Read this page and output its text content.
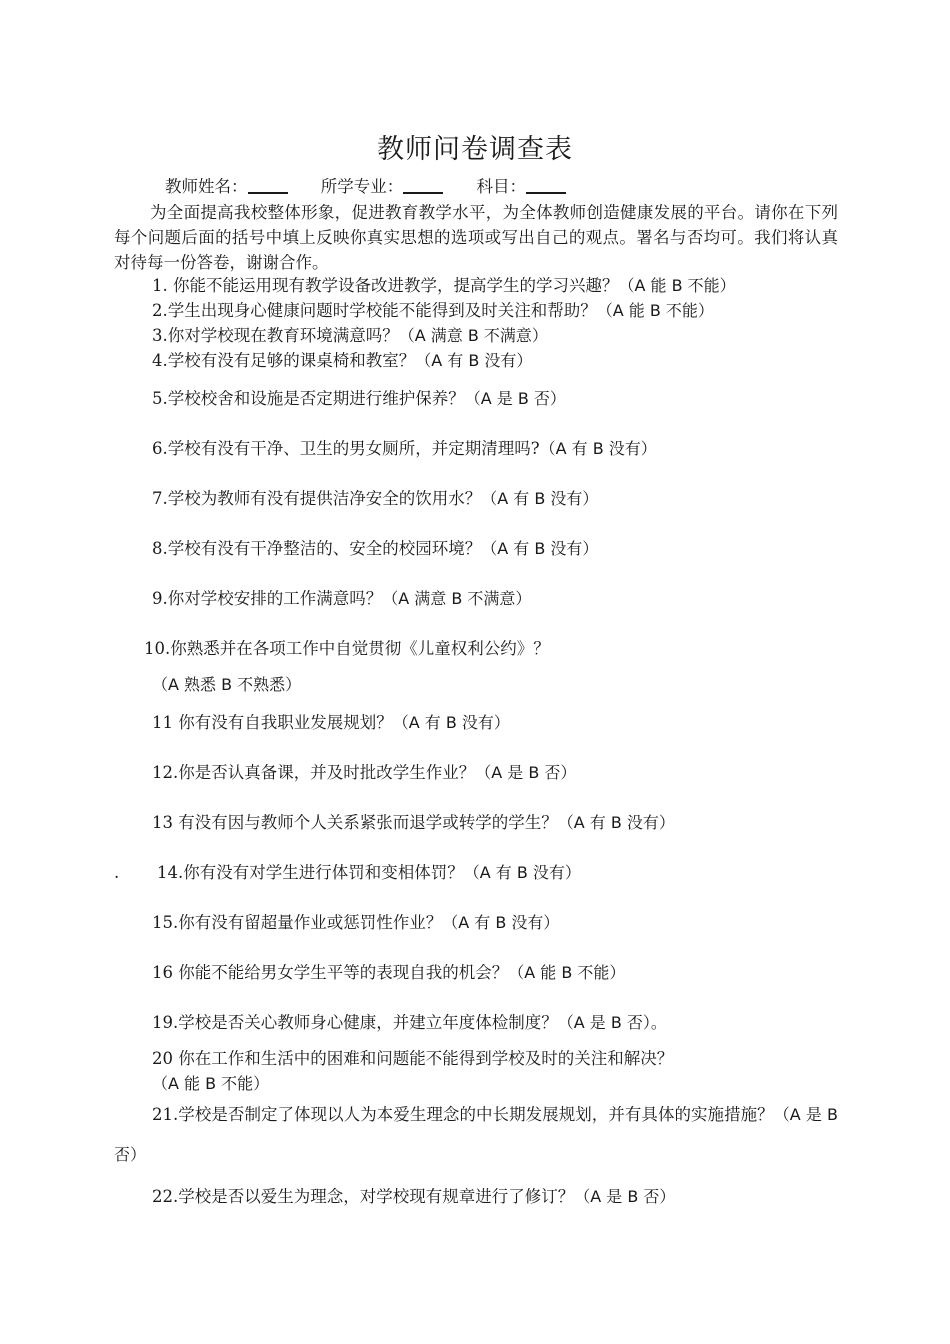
教师问卷调查表
教师姓名：	所学专业：	科目：
为全面提高我校整体形象，促进教育教学水平，为全体教师创造健康发展的平台。请你在下列每个问题后面的括号中填上反映你真实思想的选项或写出自己的观点。署名与否均可。我们将认真对待每一份答卷，谢谢合作。
1. 你能不能运用现有教学设备改进教学，提高学生的学习兴趣？（A 能 B 不能）
2.学生出现身心健康问题时学校能不能得到及时关注和帮助？（A 能 B 不能）
3.你对学校现在教育环境满意吗？（A 满意 B 不满意）
4.学校有没有足够的课桌椅和教室？（A 有 B 没有）
5.学校校舍和设施是否定期进行维护保养？（A 是 B 否）
6.学校有没有干净、卫生的男女厕所，并定期清理吗?（A 有 B 没有）
7.学校为教师有没有提供洁净安全的饮用水？（A 有 B 没有）
8.学校有没有干净整洁的、安全的校园环境？（A 有 B 没有）
9.你对学校安排的工作满意吗？（A 满意 B 不满意）
10.你熟悉并在各项工作中自觉贯彻《儿童权利公约》？
（A 熟悉 B 不熟悉）
11 你有没有自我职业发展规划？（A 有 B 没有）
12.你是否认真备课，并及时批改学生作业？（A 是 B 否）
13 有没有因与教师个人关系紧张而退学或转学的学生？（A 有 B 没有）
. 14.你有没有对学生进行体罚和变相体罚？（A 有 B 没有）
15.你有没有留超量作业或惩罚性作业？（A 有 B 没有）
16 你能不能给男女学生平等的表现自我的机会？（A 能 B 不能）
19.学校是否关心教师身心健康，并建立年度体检制度？（A 是 B 否）。
20 你在工作和生活中的困难和问题能不能得到学校及时的关注和解决？
（A 能 B 不能）
21.学校是否制定了体现以人为本爱生理念的中长期发展规划，并有具体的实施措施？（A 是 B 否）
22.学校是否以爱生为理念，对学校现有规章进行了修订？（A 是 B 否）
